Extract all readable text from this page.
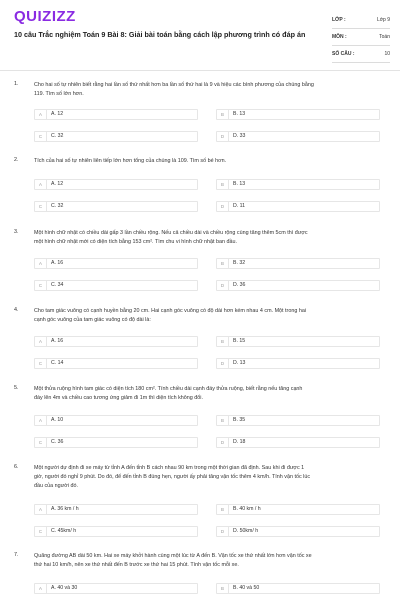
QUIZIZZ
10 câu Trắc nghiệm Toán 9 Bài 8: Giải bài toán bằng cách lập phương trình có đáp án
LỚP :	Lớp 9
MÔN :	Toán
SỐ CÂU :	10
1.	Cho hai số tự nhiên biết rằng hai lần số thứ nhất hơn ba lần số thứ hai là 9 và hiệu các bình phương của chúng bằng
119. Tìm số lớn hơn.
A	A. 12	B	B. 13
C	C. 32	D	D. 33
2.	Tích của hai số tự nhiên liên tiếp lớn hơn tổng của chúng là 109. Tìm số bé hơn.
A	A. 12	B	B. 13
C	C. 32	D	D. 11
3.	Một hình chữ nhật có chiều dài gấp 3 lần chiều rộng. Nếu cả chiều dài và chiều rộng cùng tăng thêm 5cm thì được
một hình chữ nhật mới có diện tích bằng 153 cm². Tìm chu vi hình chữ nhật ban đầu.
A	A. 16	B	B. 32
C	C. 34	D	D. 36
4.	Cho tam giác vuông có cạnh huyền bằng 20 cm. Hai cạnh góc vuông có độ dài hơn kém nhau 4 cm. Một trong hai
cạnh góc vuông của tam giác vuông có độ dài là:
A	A. 16	B	B. 15
C	C. 14	D	D. 13
5.	Một thửa ruộng hình tam giác có diện tích 180 cm². Tính chiều dài cạnh đáy thửa ruộng, biết rằng nếu tăng cạnh
đáy lên 4m và chiều cao tương ứng giảm đi 1m thì diện tích không đổi.
A	A. 10	B	B. 35
C	C. 36	D	D. 18
6.	Một người dự định đi xe máy từ tỉnh A đến tỉnh B cách nhau 90 km trong một thời gian đã định. Sau khi đi được 1
giờ, người đó nghỉ 9 phút. Do đó, để đến tỉnh B đúng hẹn, người ấy phải tăng vận tốc thêm 4 km/h. Tính vận tốc lúc
đầu của người đó.
A	A. 36 km / h	B	B. 40 km / h
C	C. 45km/ h	D	D. 50km/ h
7.	Quãng đường AB dài 50 km. Hai xe máy khởi hành cùng một lúc từ A đến B. Vận tốc xe thứ nhất lớn hơn vận tốc xe
thứ hai 10 km/h, nên xe thứ nhất đến B trước xe thứ hai 15 phút. Tính vận tốc mỗi xe.
A	A. 40 và 30	B	B. 40 và 50
